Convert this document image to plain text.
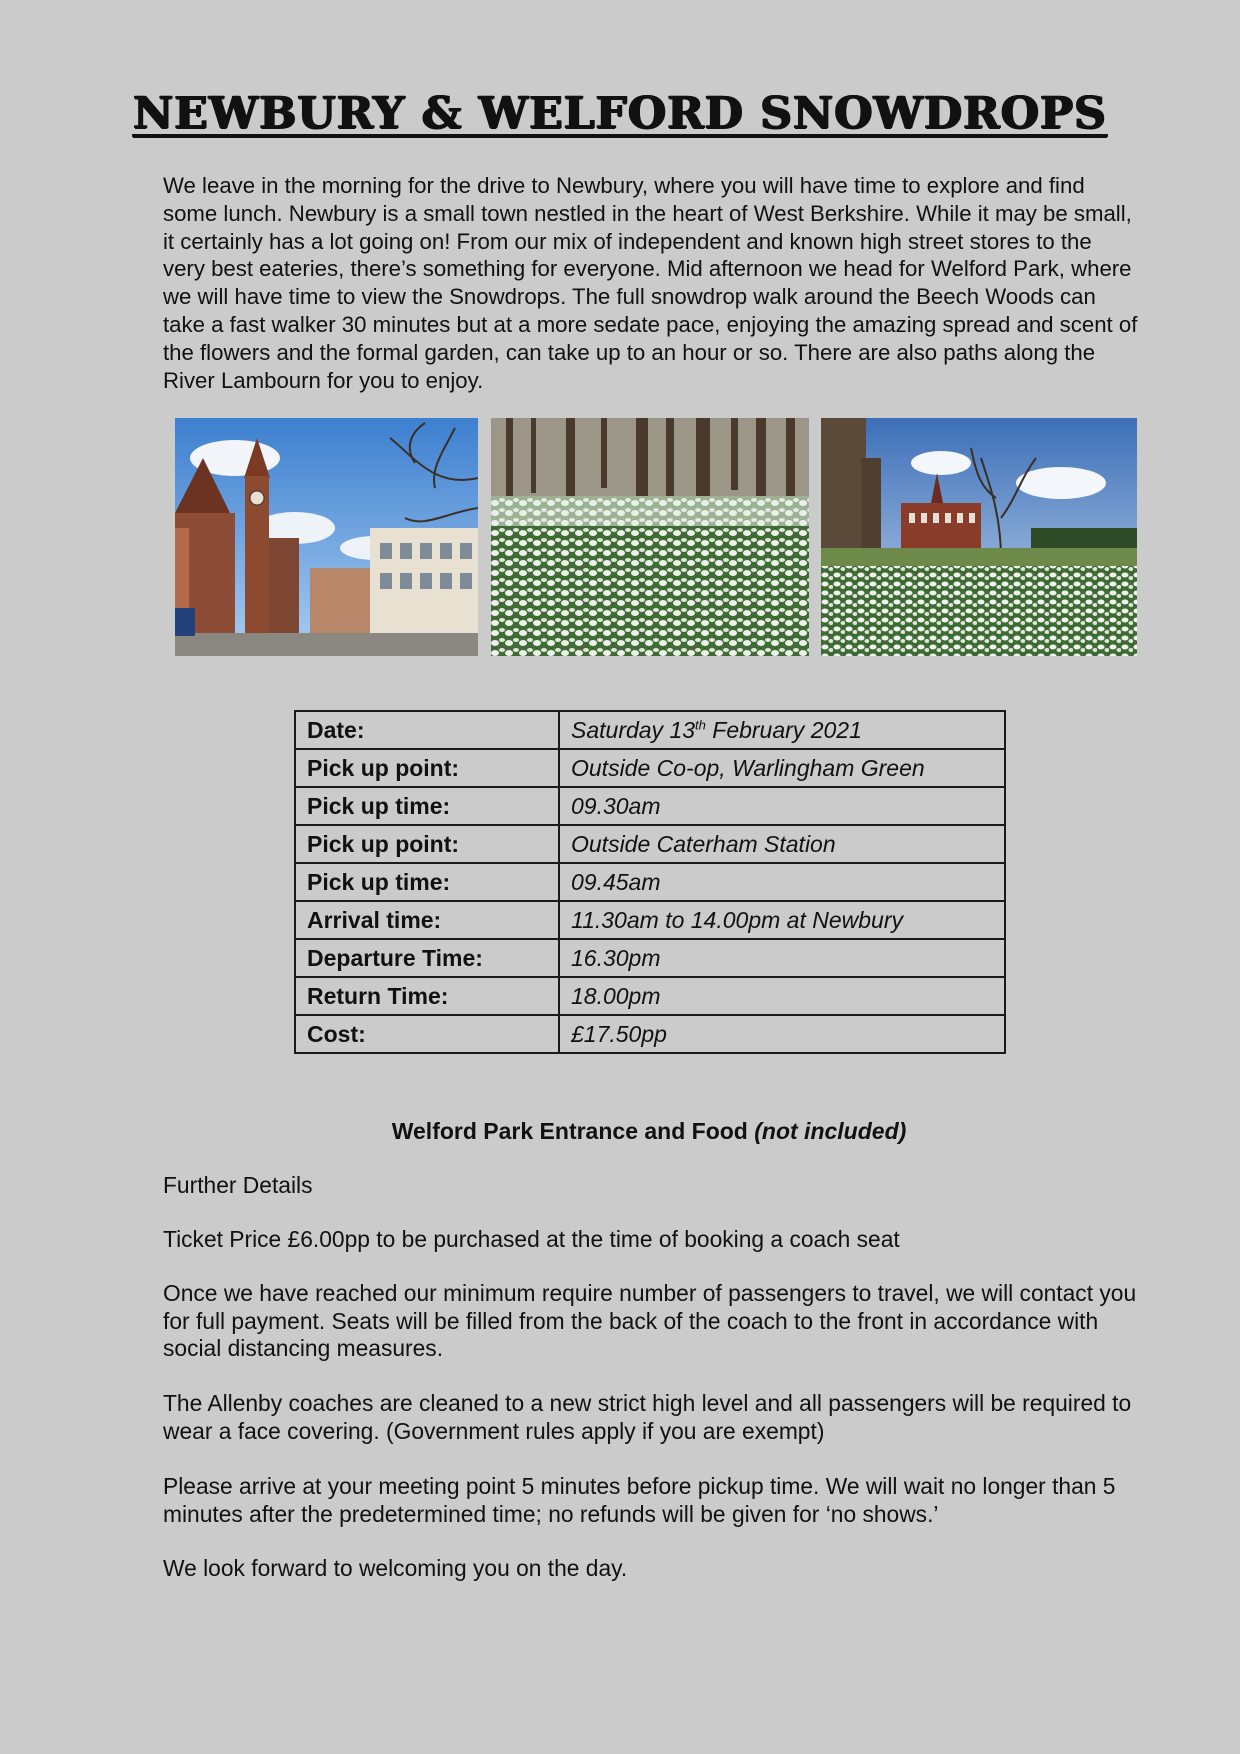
NEWBURY & WELFORD SNOWDROPS

We leave in the morning for the drive to Newbury, where you will have time to explore and find some lunch. Newbury is a small town nestled in the heart of West Berkshire. While it may be small, it certainly has a lot going on! From our mix of independent and known high street stores to the very best eateries, there’s something for everyone. Mid afternoon we head for Welford Park, where we will have time to view the Snowdrops. The full snowdrop walk around the Beech Woods can take a fast walker 30 minutes but at a more sedate pace, enjoying the amazing spread and scent of the flowers and the formal garden, can take up to an hour or so. There are also paths along the River Lambourn for you to enjoy.

Date:	Saturday 13th February 2021
Pick up point:	Outside Co-op, Warlingham Green
Pick up time:	09.30am
Pick up point:	Outside Caterham Station
Pick up time:	09.45am
Arrival time:	11.30am to 14.00pm at Newbury
Departure Time:	16.30pm
Return Time:	18.00pm
Cost:	£17.50pp
Welford Park Entrance and Food (not included)

Further Details

Ticket Price £6.00pp to be purchased at the time of booking a coach seat

Once we have reached our minimum require number of passengers to travel, we will contact you for full payment. Seats will be filled from the back of the coach to the front in accordance with social distancing measures.

The Allenby coaches are cleaned to a new strict high level and all passengers will be required to wear a face covering. (Government rules apply if you are exempt)

Please arrive at your meeting point 5 minutes before pickup time. We will wait no longer than 5 minutes after the predetermined time; no refunds will be given for ‘no shows.’

We look forward to welcoming you on the day.
